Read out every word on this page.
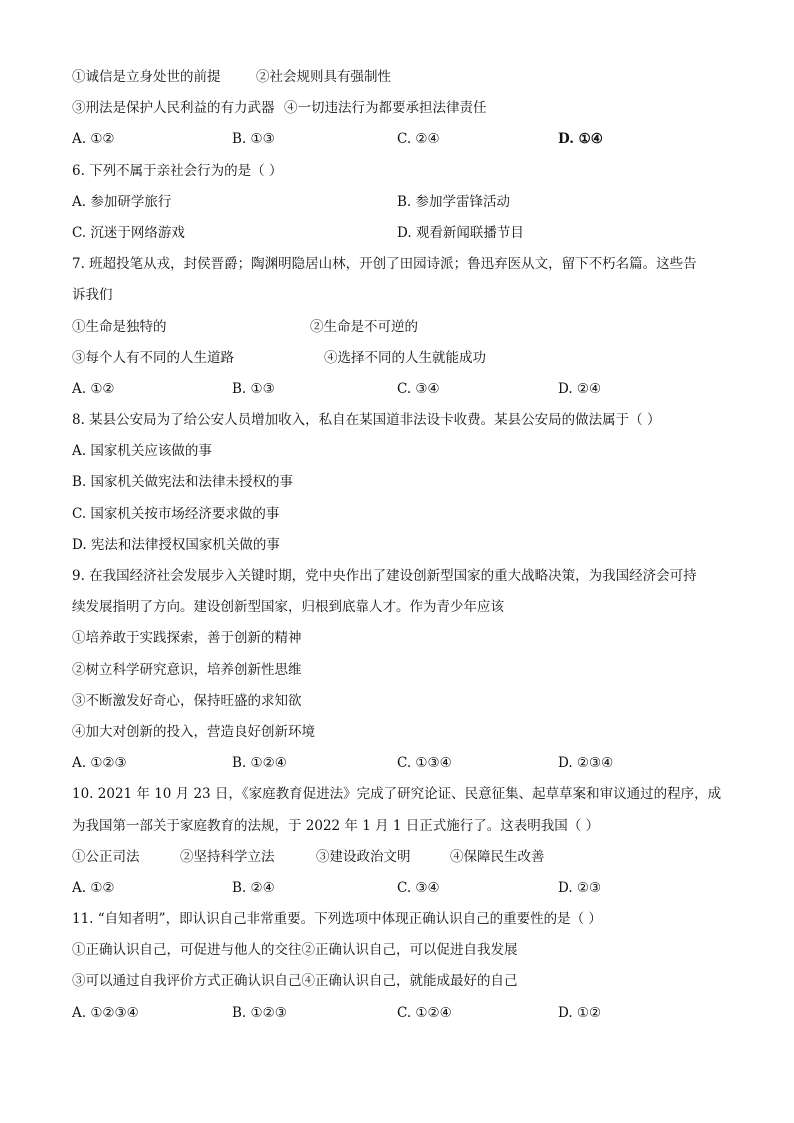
①诚信是立身处世的前提	②社会规则具有强制性
③刑法是保护人民利益的有力武器 ④一切违法行为都要承担法律责任
A. ①②	B. ①③	C. ②④	D. ①④
6. 下列不属于亲社会行为的是（ ）
A. 参加研学旅行	B. 参加学雷锋活动
C. 沉迷于网络游戏	D. 观看新闻联播节目
7. 班超投笔从戎，封侯晋爵；陶渊明隐居山林，开创了田园诗派；鲁迅弃医从文，留下不朽名篇。这些告
诉我们
①生命是独特的	②生命是不可逆的
③每个人有不同的人生道路	④选择不同的人生就能成功
A. ①②	B. ①③	C. ③④	D. ②④
8. 某县公安局为了给公安人员增加收入，私自在某国道非法设卡收费。某县公安局的做法属于（ ）
A. 国家机关应该做的事
B. 国家机关做宪法和法律未授权的事
C. 国家机关按市场经济要求做的事
D. 宪法和法律授权国家机关做的事
9. 在我国经济社会发展步入关键时期，党中央作出了建设创新型国家的重大战略决策，为我国经济会可持
续发展指明了方向。建设创新型国家，归根到底靠人才。作为青少年应该
①培养敢于实践探索，善于创新的精神
②树立科学研究意识，培养创新性思维
③不断激发好奇心，保持旺盛的求知欲
④加大对创新的投入，营造良好创新环境
A. ①②③	B. ①②④	C. ①③④	D. ②③④
10. 2021 年 10 月 23 日，《家庭教育促进法》完成了研究论证、民意征集、起草草案和审议通过的程序，成
为我国第一部关于家庭教育的法规，于 2022 年 1 月 1 日正式施行了。这表明我国（ ）
①公正司法	②坚持科学立法	③建设政治文明	④保障民生改善
A. ①②	B. ②④	C. ③④	D. ②③
11. “自知者明”，即认识自己非常重要。下列选项中体现正确认识自己的重要性的是（ ）
①正确认识自己，可促进与他人的交往②正确认识自己，可以促进自我发展
③可以通过自我评价方式正确认识自己④正确认识自己，就能成最好的自己
A. ①②③④	B. ①②③	C. ①②④	D. ①②
